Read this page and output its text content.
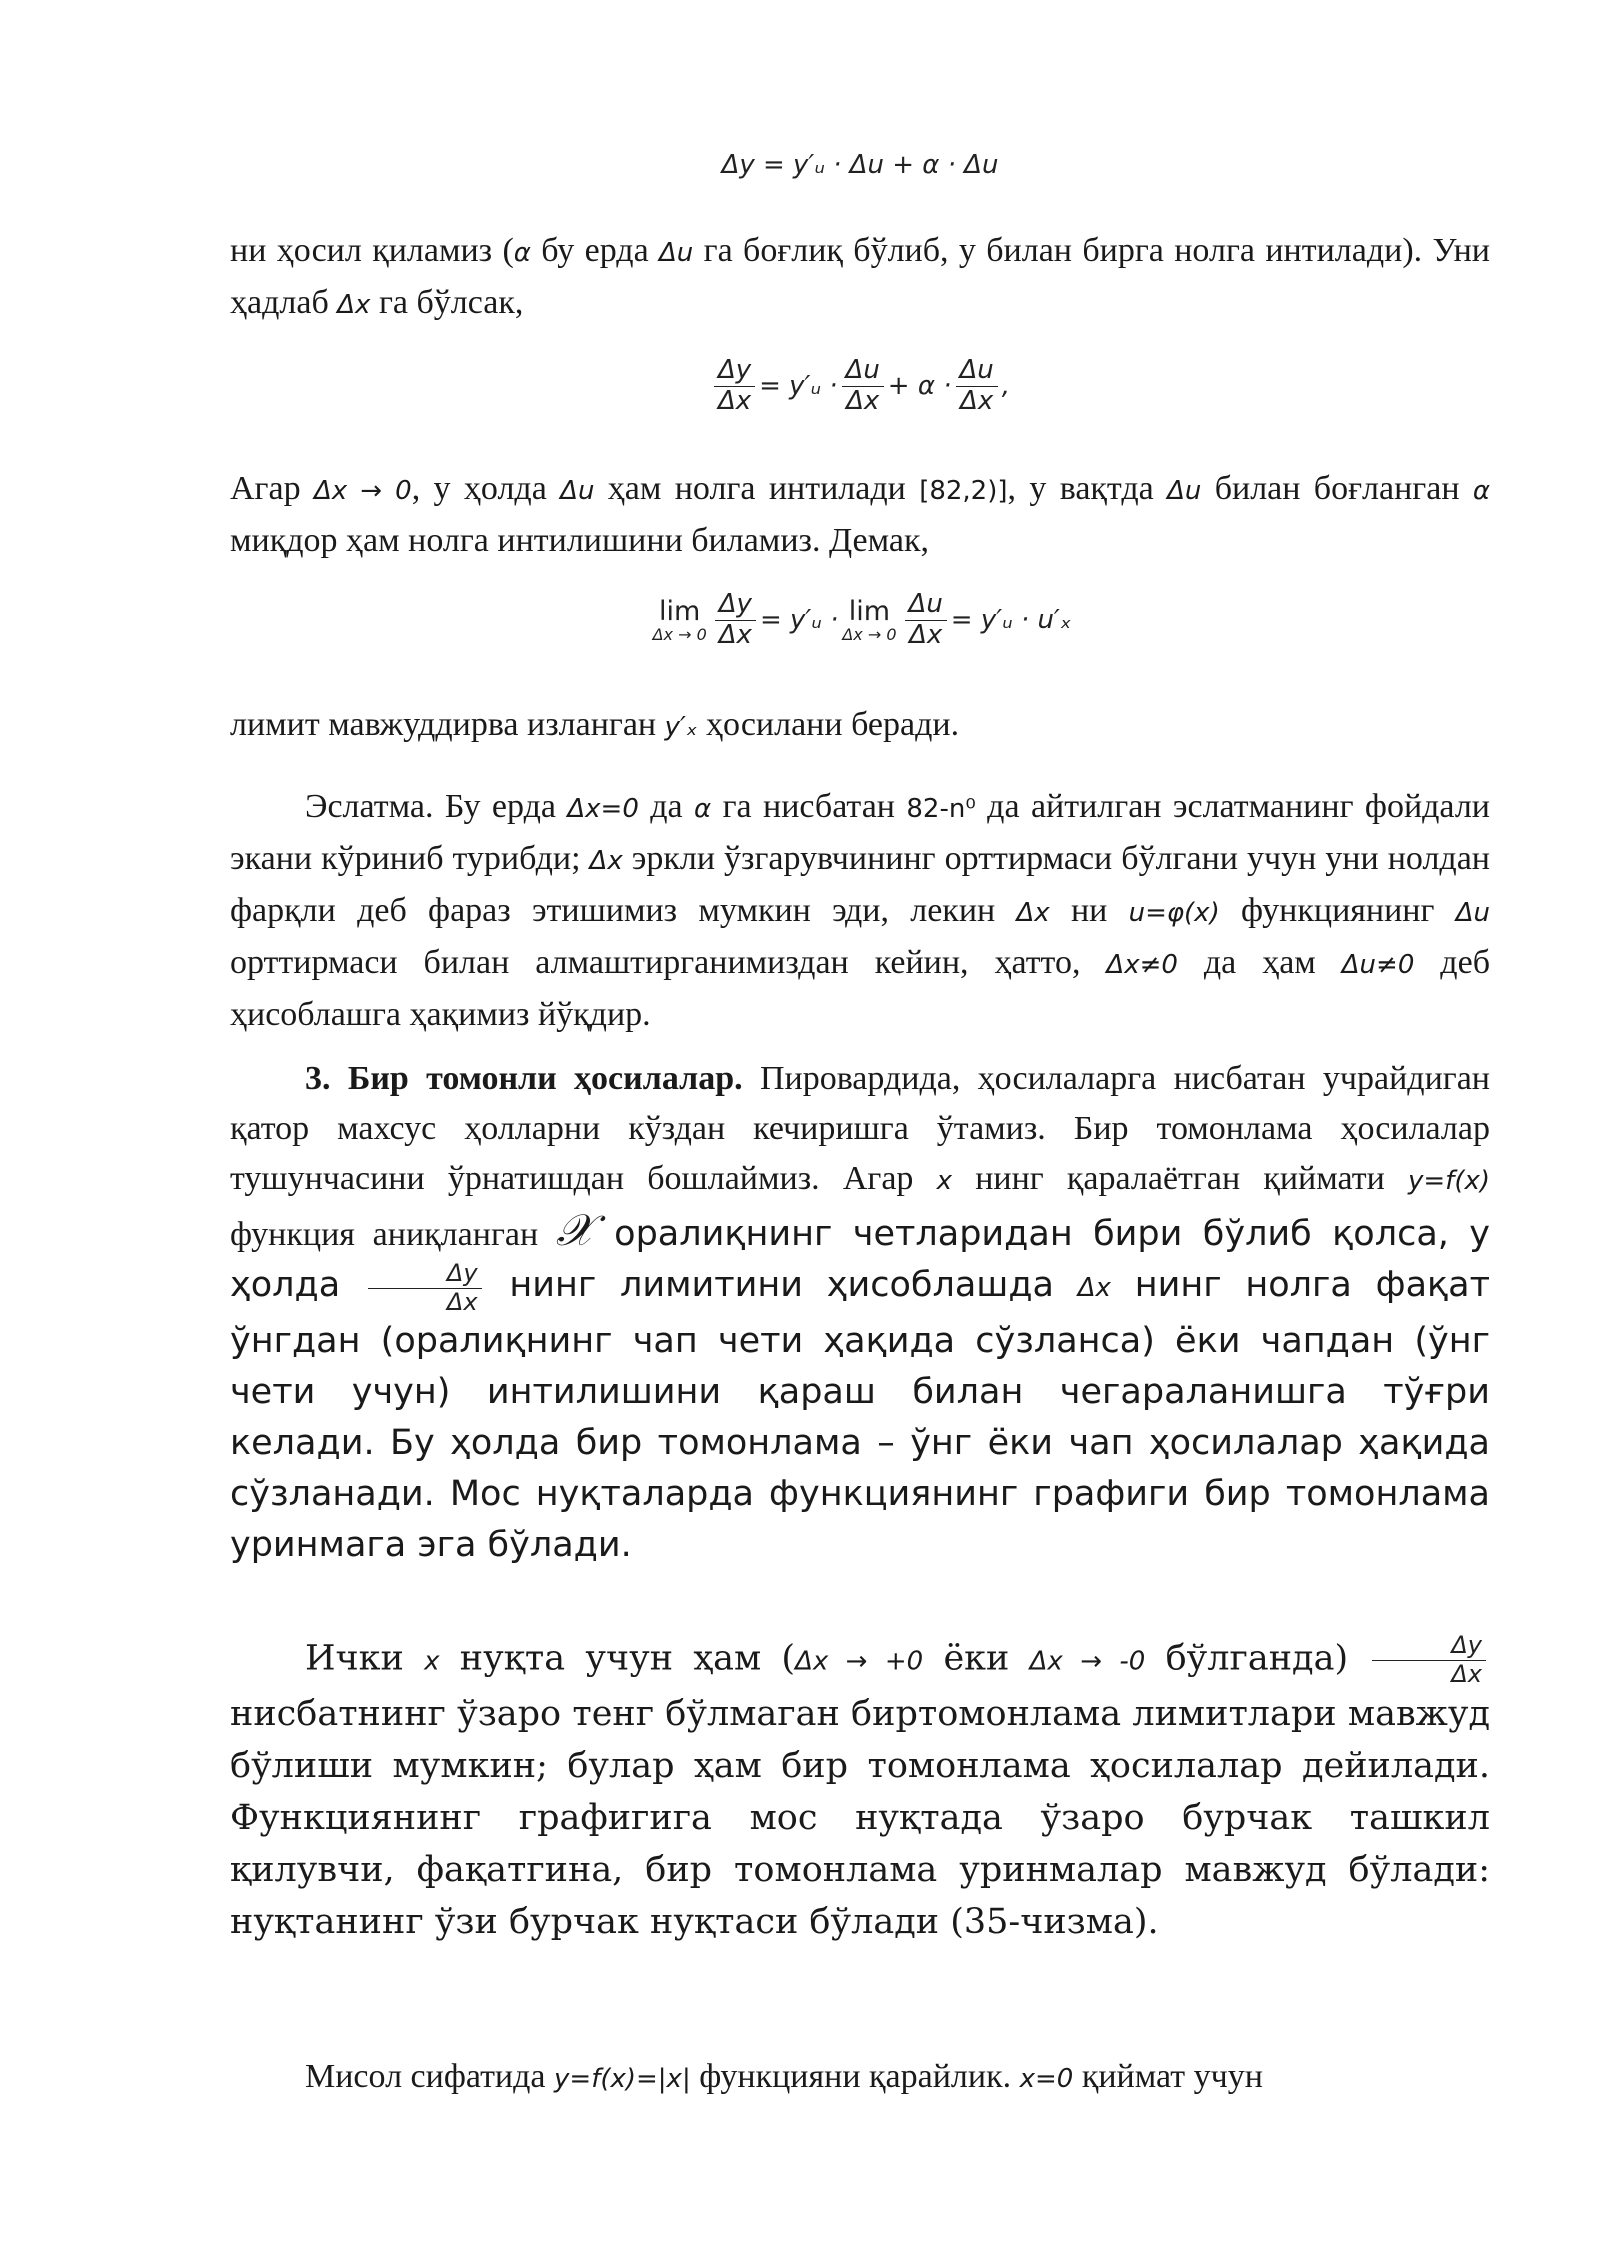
Δy = y′ᵤ · Δu + α · Δu

ни ҳосил қиламиз (α бу ерда Δu га боғлиқ бўлиб, у билан бирга нолга интилади). Уни ҳадлаб Δx га бўлсак,

$\frac{\Delta y}{\Delta x}$ = y′ᵤ · $\frac{\Delta u}{\Delta x} + \alpha \cdot \frac{\Delta u}{\Delta x}$ ,

Агар Δx → 0, у ҳолда Δu ҳам нолга интилади [82,2)], у вақтда Δu билан боғланган α миқдор ҳам нолга интилишини биламиз. Демак,

lim
$\Delta x \to 0 \frac{\Delta y}{\Delta x}$ = y′ᵤ · lim
$\Delta x \to 0 \frac{\Delta u}{\Delta x}$ = y′ᵤ · u′ₓ

лимит мавжуддирва изланган y′ₓ ҳосилани беради.

Эслатма. Бу ерда Δx=0 да α га нисбатан 82-n⁰ да айтилган эслатманинг фойдали экани кўриниб турибди; Δx эркли ўзгарувчининг орттирмаси бўлгани учун уни нолдан фарқли деб фараз этишимиз мумкин эди, лекин Δx ни u=φ(x) функциянинг Δu орттирмаси билан алмаштирганимиздан кейин, ҳатто, Δx≠0 да ҳам Δu≠0 деб ҳисоблашга ҳақимиз йўқдир.

3. Бир томонли ҳосилалар. Пировардида, ҳосилаларга нисбатан учрайдиган қатор махсус ҳолларни кўздан кечиришга ўтамиз. Бир томонлама ҳосилалар тушунчасини ўрнатишдан бошлаймиз. Агар x нинг қаралаётган қиймати y=f(x) функция аниқланган 𝒳 оралиқнинг четларидан бири бўлиб қолса, у ҳолда $\frac{\Delta y}{\Delta x}$ нинг лимитини ҳисоблашда Δx нинг нолга фақат ўнгдан (оралиқнинг чап чети ҳақида сўзланса) ёки чапдан (ўнг чети учун) интилишини қараш билан чегараланишга тўғри келади. Бу ҳолда бир томонлама – ўнг ёки чап ҳосилалар ҳақида сўзланади. Мос нуқталарда функциянинг графиги бир томонлама уринмага эга бўлади.

Ички x нуқта учун ҳам (Δx → +0 ёки Δx → -0 бўлганда) $\frac{\Delta y}{\Delta x}$
нисбатнинг ўзаро тенг бўлмаган биртомонлама лимитлари мавжуд бўлиши мумкин; булар ҳам бир томонлама ҳосилалар дейилади. Функциянинг графигига мос нуқтада ўзаро бурчак ташкил қилувчи, фақатгина, бир томонлама уринмалар мавжуд бўлади: нуқтанинг ўзи бурчак нуқтаси бўлади (35-чизма).

Мисол сифатида y=f(x)=|x| функцияни қарайлик. x=0 қиймат учун
